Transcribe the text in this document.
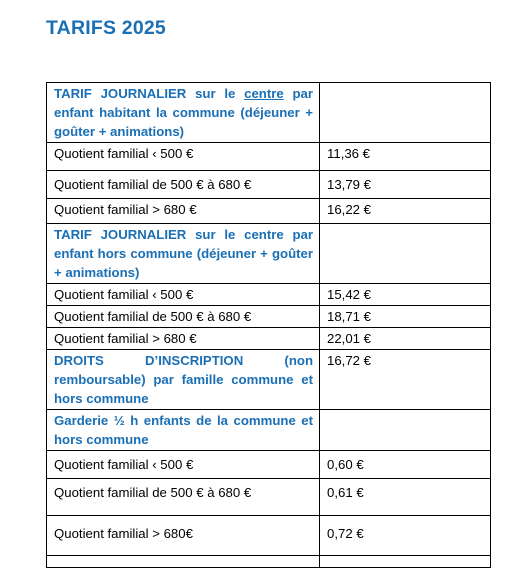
TARIFS 2025
TARIF JOURNALIER sur le centre par enfant habitant la commune (déjeuner + goûter + animations)	
Quotient familial ‹ 500 €	11,36 €
Quotient familial de 500 € à 680 €	13,79 €
Quotient familial > 680 €	16,22 €
TARIF JOURNALIER sur le centre par enfant hors commune (déjeuner + goûter + animations)	
Quotient familial ‹ 500 €	15,42 €
Quotient familial de 500 € à 680 €	18,71 €
Quotient familial > 680 €	22,01 €
DROITS D’INSCRIPTION (non remboursable) par famille commune et hors commune	16,72 €
Garderie ½ h enfants de la commune et hors commune	
Quotient familial ‹ 500 €	0,60 €
Quotient familial de 500 € à 680 €	0,61 €
Quotient familial > 680€	0,72 €
